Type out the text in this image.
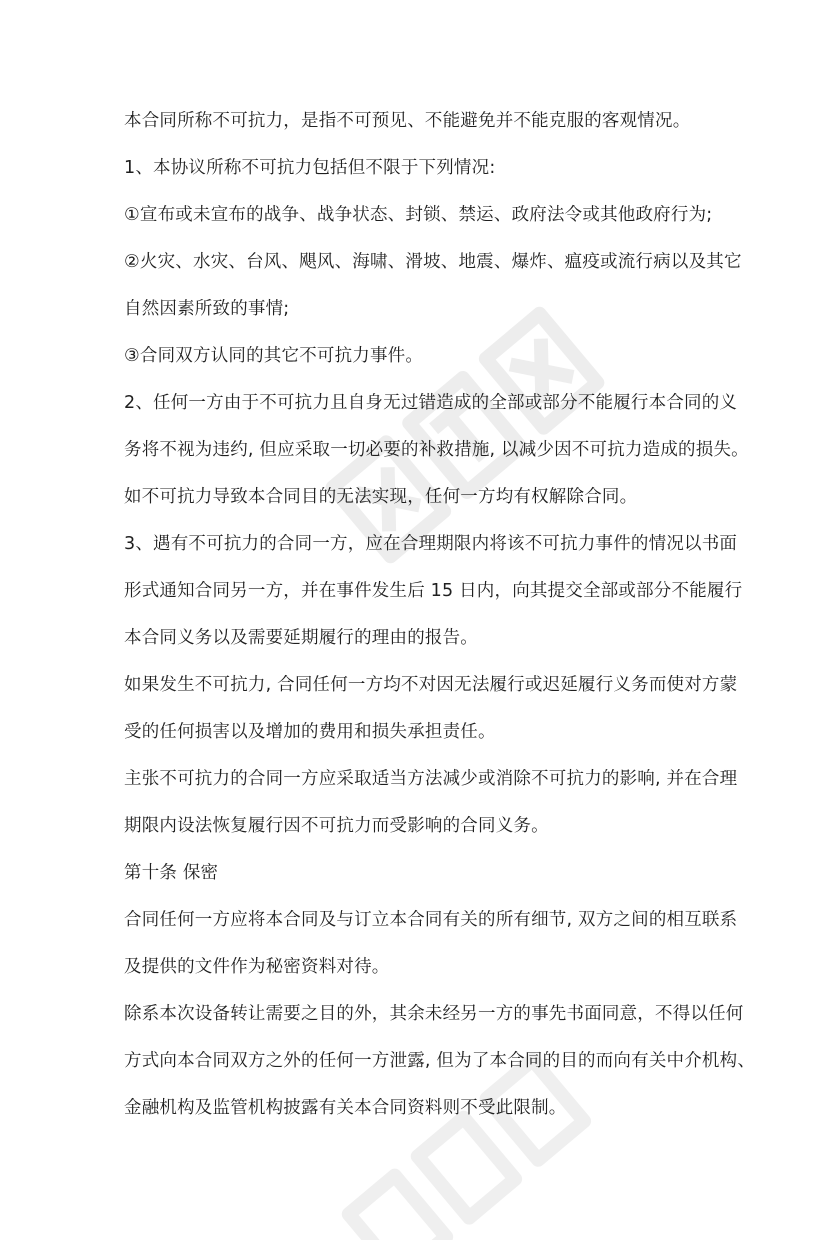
本合同所称不可抗力，是指不可预见、不能避免并不能克服的客观情况。
1、本协议所称不可抗力包括但不限于下列情况:
①宣布或未宣布的战争、战争状态、封锁、禁运、政府法令或其他政府行为;
②火灾、水灾、台风、飓风、海啸、滑坡、地震、爆炸、瘟疫或流行病以及其它
自然因素所致的事情;
③合同双方认同的其它不可抗力事件。
2、任何一方由于不可抗力且自身无过错造成的全部或部分不能履行本合同的义
务将不视为违约, 但应采取一切必要的补救措施, 以减少因不可抗力造成的损失。
如不可抗力导致本合同目的无法实现，任何一方均有权解除合同。
3、遇有不可抗力的合同一方，应在合理期限内将该不可抗力事件的情况以书面
形式通知合同另一方，并在事件发生后 15 日内，向其提交全部或部分不能履行
本合同义务以及需要延期履行的理由的报告。
如果发生不可抗力, 合同任何一方均不对因无法履行或迟延履行义务而使对方蒙
受的任何损害以及增加的费用和损失承担责任。
主张不可抗力的合同一方应采取适当方法减少或消除不可抗力的影响, 并在合理
期限内设法恢复履行因不可抗力而受影响的合同义务。
第十条 保密
合同任何一方应将本合同及与订立本合同有关的所有细节, 双方之间的相互联系
及提供的文件作为秘密资料对待。
除系本次设备转让需要之目的外，其余未经另一方的事先书面同意，不得以任何
方式向本合同双方之外的任何一方泄露, 但为了本合同的目的而向有关中介机构、
金融机构及监管机构披露有关本合同资料则不受此限制。
